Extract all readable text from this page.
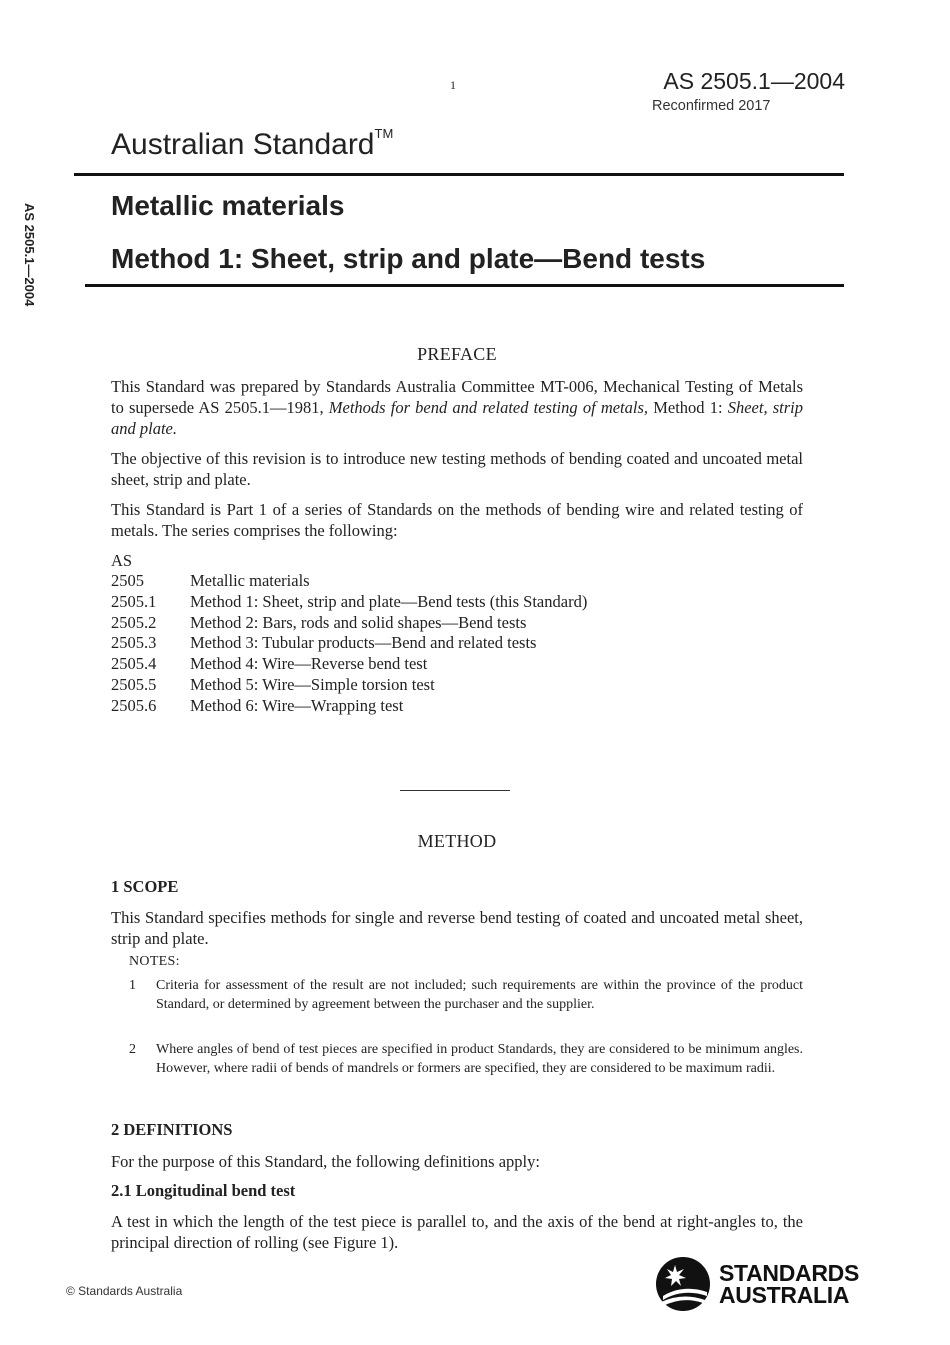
1	AS 2505.1—2004
Reconfirmed 2017
Australian Standard™
Metallic materials
Method 1: Sheet, strip and plate—Bend tests
AS 2505.1—2004
PREFACE
This Standard was prepared by Standards Australia Committee MT-006, Mechanical Testing of Metals to supersede AS 2505.1—1981, Methods for bend and related testing of metals, Method 1: Sheet, strip and plate.
The objective of this revision is to introduce new testing methods of bending coated and uncoated metal sheet, strip and plate.
This Standard is Part 1 of a series of Standards on the methods of bending wire and related testing of metals. The series comprises the following:
AS
2505	Metallic materials
2505.1	Method 1: Sheet, strip and plate—Bend tests (this Standard)
2505.2	Method 2: Bars, rods and solid shapes—Bend tests
2505.3	Method 3: Tubular products—Bend and related tests
2505.4	Method 4: Wire—Reverse bend test
2505.5	Method 5: Wire—Simple torsion test
2505.6	Method 6: Wire—Wrapping test
METHOD
1 SCOPE
This Standard specifies methods for single and reverse bend testing of coated and uncoated metal sheet, strip and plate.
NOTES:
1	Criteria for assessment of the result are not included; such requirements are within the province of the product Standard, or determined by agreement between the purchaser and the supplier.
2	Where angles of bend of test pieces are specified in product Standards, they are considered to be minimum angles. However, where radii of bends of mandrels or formers are specified, they are considered to be maximum radii.
2 DEFINITIONS
For the purpose of this Standard, the following definitions apply:
2.1 Longitudinal bend test
A test in which the length of the test piece is parallel to, and the axis of the bend at right-angles to, the principal direction of rolling (see Figure 1).
© Standards Australia
STANDARDS
AUSTRALIA
